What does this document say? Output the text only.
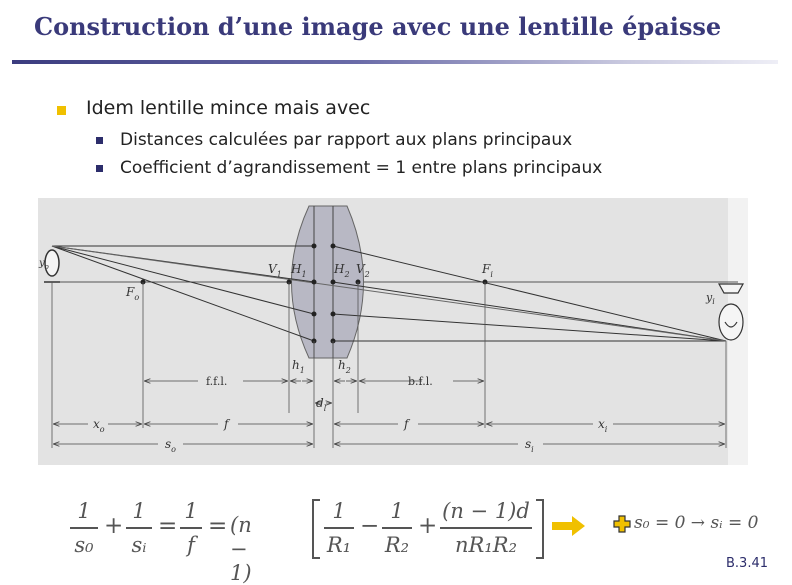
Construction d’une image avec une lentille épaisse
Idem lentille mince mais avec
Distances calculées par rapport aux plans principaux
Coefficient d’agrandissement = 1 entre plans principaux
$y_o$
$F_o$
$V_1$ $H_1$ $H_2$ $V_2$	$F_i$
$y_i$
f.f.l.	b.f.l.
$h_1$	$h_2$
$d_l$
$x_o$	f	f	$x_i$
$s_o$	$s_i$
1
s₀
+
1
sᵢ
=
1
f
= (n − 1)
1
R₁
−
1
R₂
+
(n − 1)d
nR₁R₂
s₀ = 0 → sᵢ = 0
B.3.41
